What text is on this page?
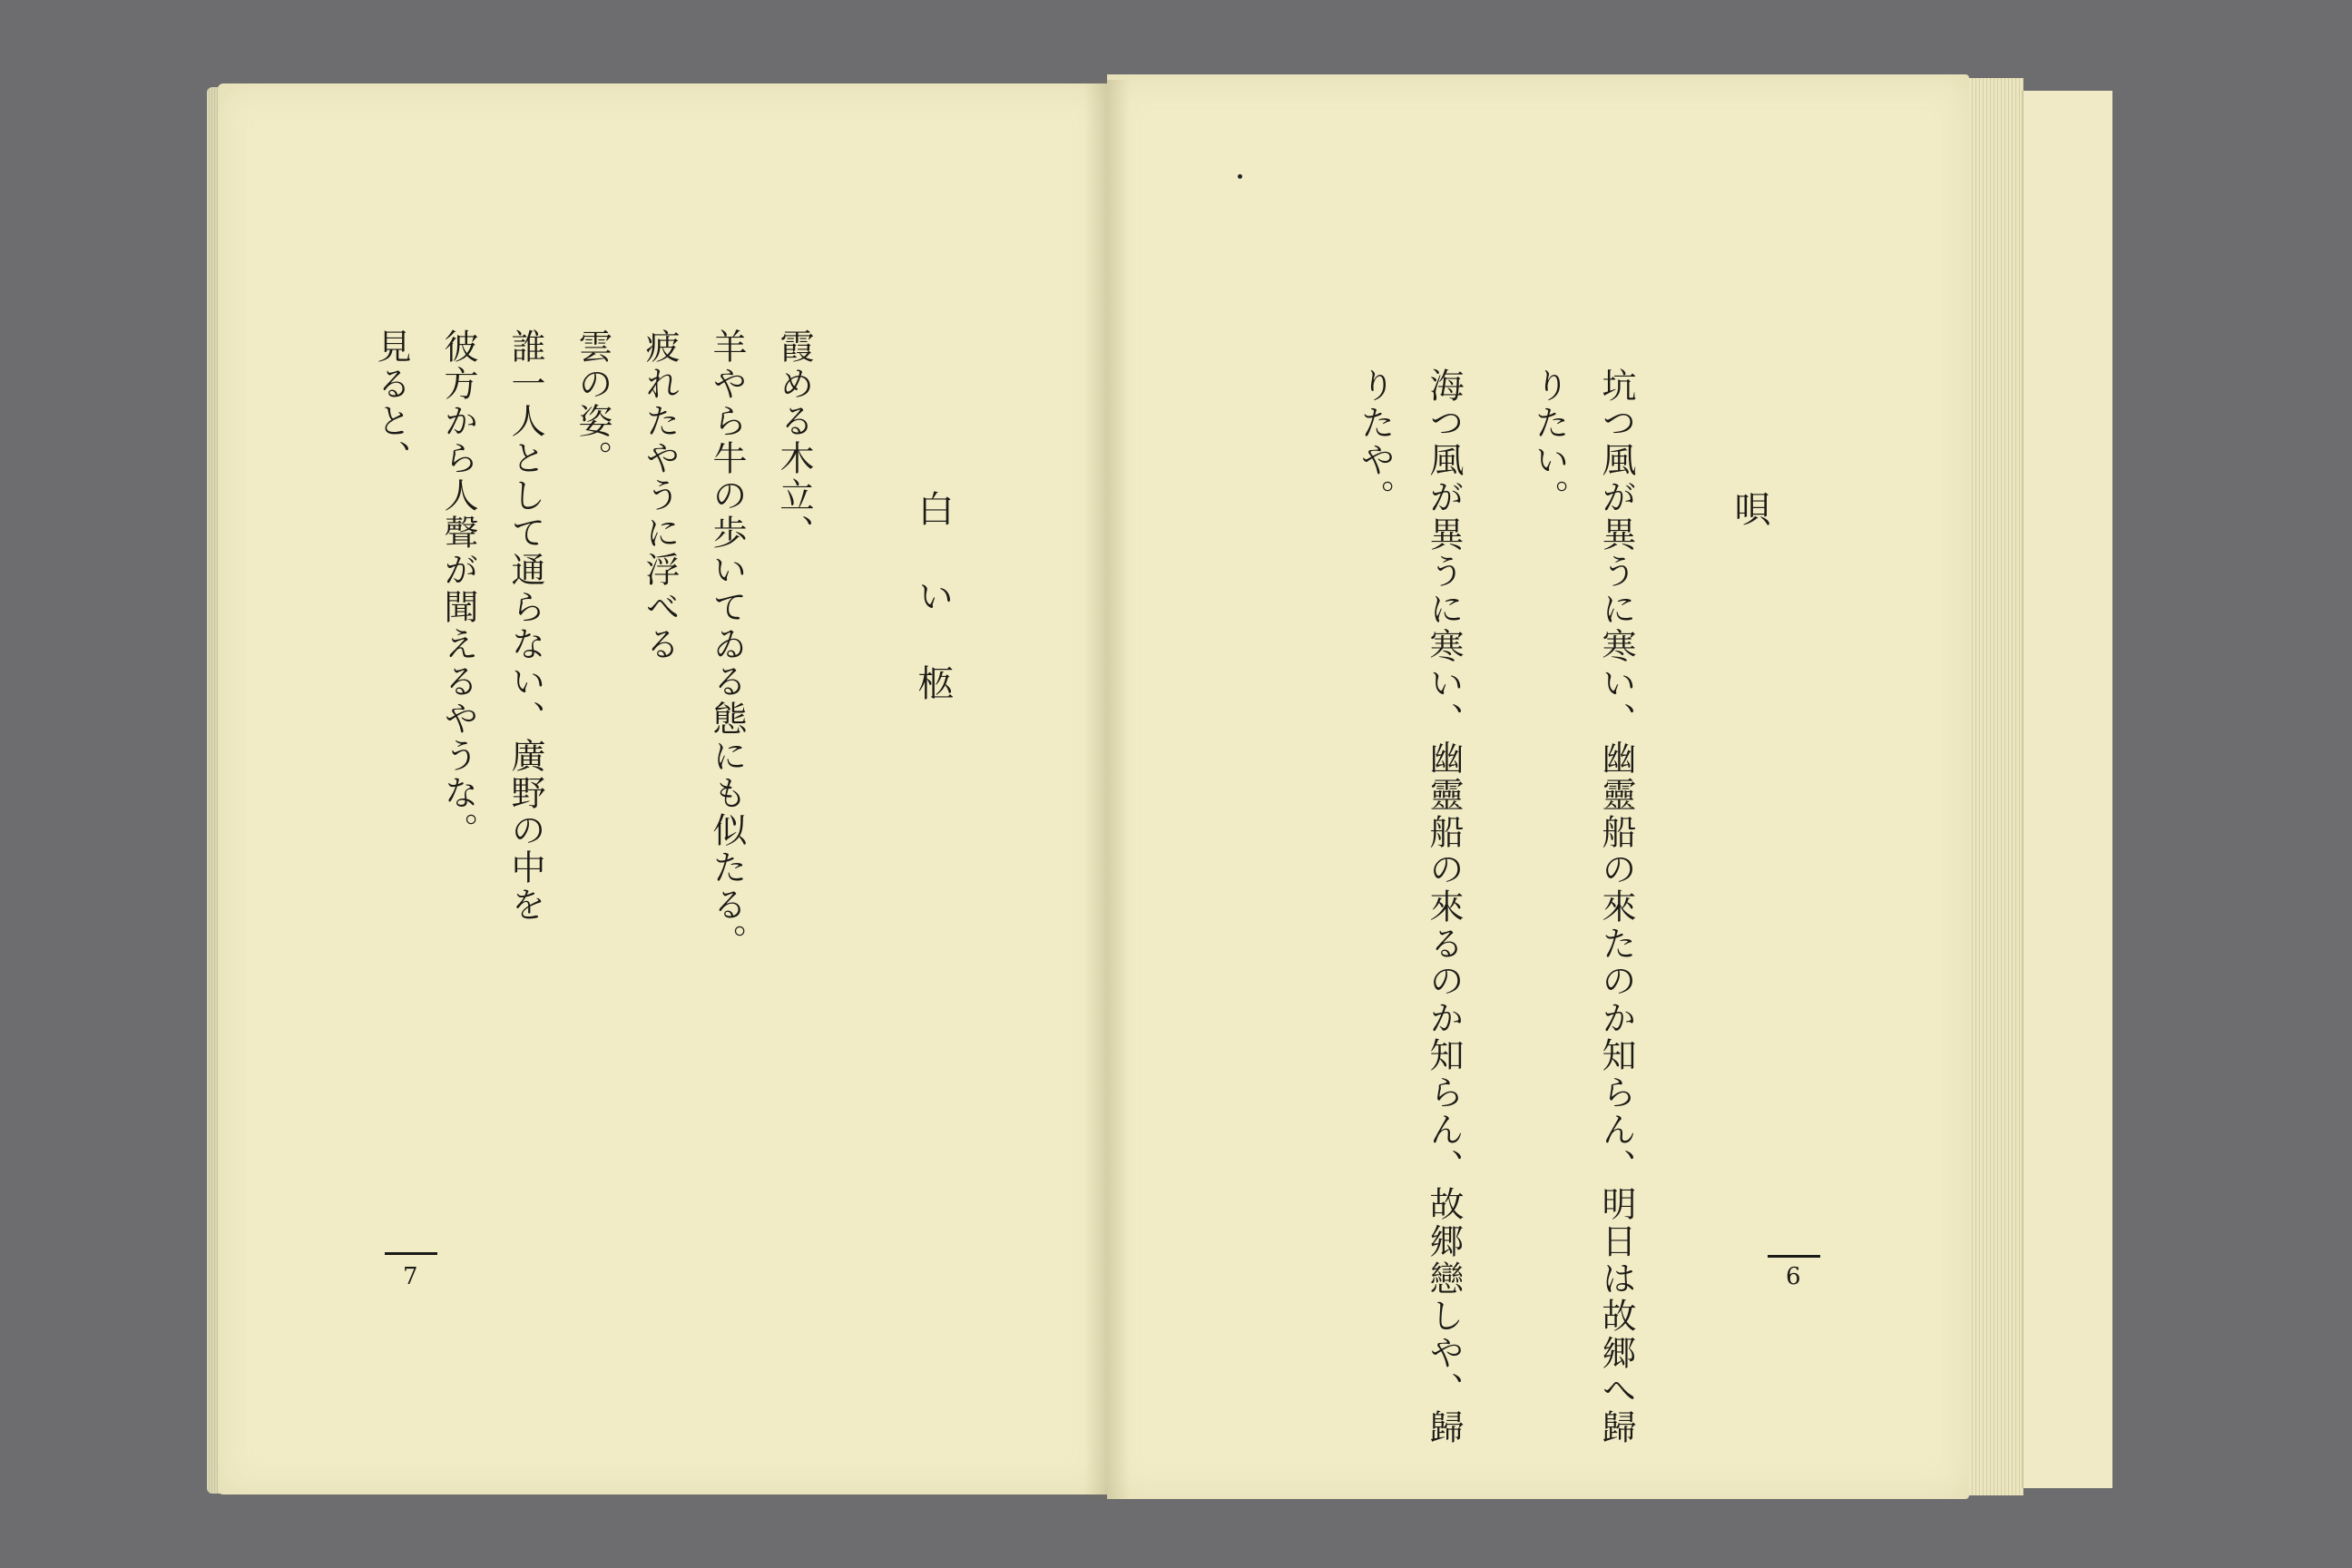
唄
坑つ風が異うに寒い、幽靈船の來たのか知らん、明日は故郷へ歸
りたい。
海つ風が異うに寒い、幽靈船の來るのか知らん、故郷戀しや、歸
りたや。
6
白い柩
霞める木立、
羊やら牛の歩いてゐる態にも似たる。
疲れたやうに浮べる
雲の姿。
誰一人として通らない、廣野の中を
彼方から人聲が聞えるやうな。
見ると、
7
